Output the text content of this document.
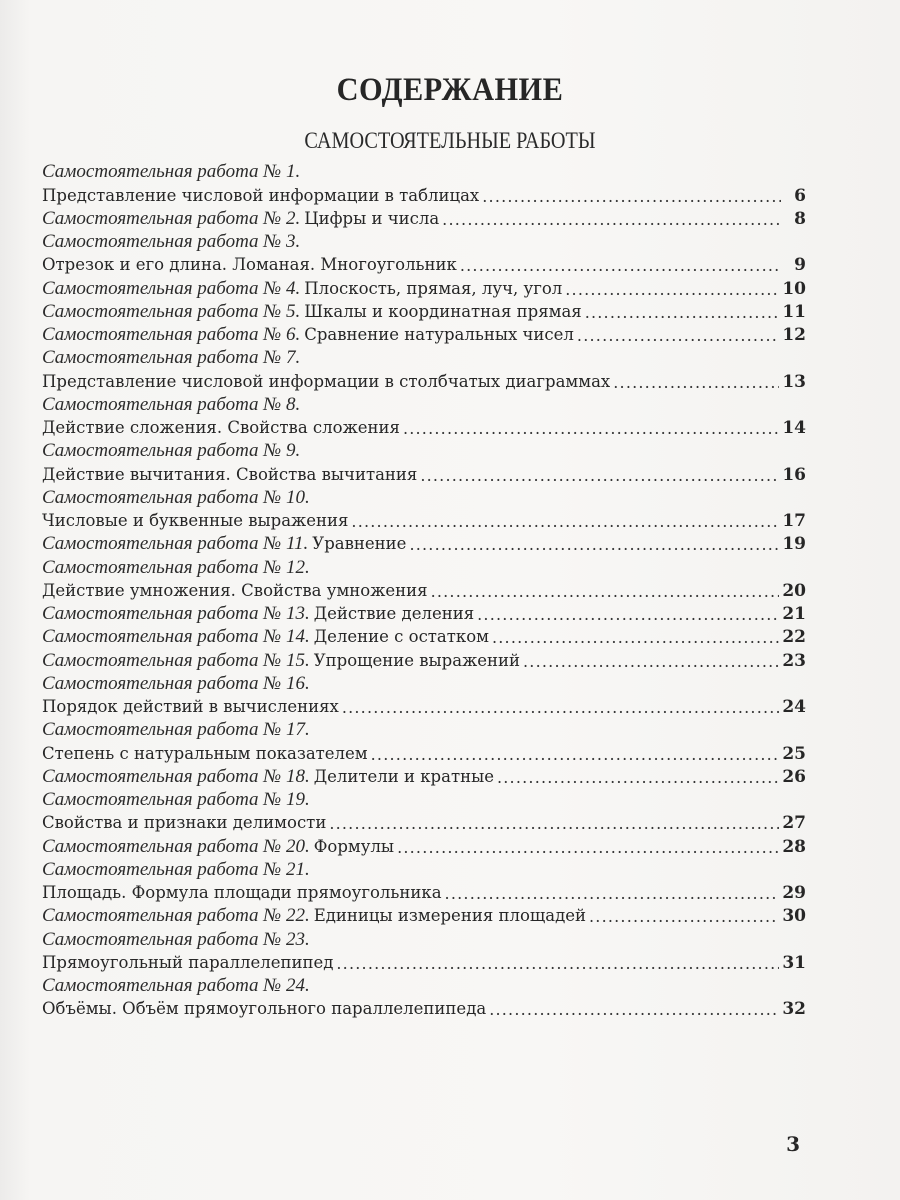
СОДЕРЖАНИЕ
САМОСТОЯТЕЛЬНЫЕ РАБОТЫ
Самостоятельная работа № 1.
Представление числовой информации в таблицах .....	6
Самостоятельная работа № 2. Цифры и числа .....	8
Самостоятельная работа № 3.
Отрезок и его длина. Ломаная. Многоугольник .....	9
Самостоятельная работа № 4. Плоскость, прямая, луч, угол .....	10
Самостоятельная работа № 5. Шкалы и координатная прямая .....	11
Самостоятельная работа № 6. Сравнение натуральных чисел .....	12
Самостоятельная работа № 7.
Представление числовой информации в столбчатых диаграммах .....	13
Самостоятельная работа № 8.
Действие сложения. Свойства сложения .....	14
Самостоятельная работа № 9.
Действие вычитания. Свойства вычитания .....	16
Самостоятельная работа № 10.
Числовые и буквенные выражения .....	17
Самостоятельная работа № 11. Уравнение .....	19
Самостоятельная работа № 12.
Действие умножения. Свойства умножения .....	20
Самостоятельная работа № 13. Действие деления .....	21
Самостоятельная работа № 14. Деление с остатком .....	22
Самостоятельная работа № 15. Упрощение выражений .....	23
Самостоятельная работа № 16.
Порядок действий в вычислениях .....	24
Самостоятельная работа № 17.
Степень с натуральным показателем .....	25
Самостоятельная работа № 18. Делители и кратные .....	26
Самостоятельная работа № 19.
Свойства и признаки делимости .....	27
Самостоятельная работа № 20. Формулы .....	28
Самостоятельная работа № 21.
Площадь. Формула площади прямоугольника .....	29
Самостоятельная работа № 22. Единицы измерения площадей .....	30
Самостоятельная работа № 23.
Прямоугольный параллелепипед .....	31
Самостоятельная работа № 24.
Объёмы. Объём прямоугольного параллелепипеда .....	32
3
